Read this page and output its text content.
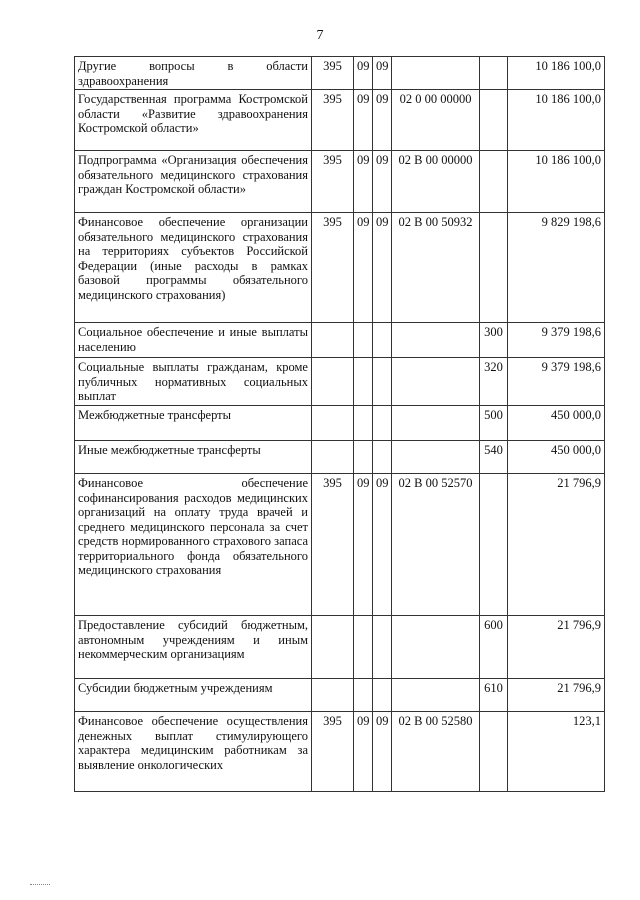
7
Другие вопросы в области здравоохранения	395	09	09			10 186 100,0
Государственная программа Костромской области «Развитие здравоохранения Костромской области»	395	09	09	02 0 00 00000		10 186 100,0
Подпрограмма «Организация обеспечения обязательного медицинского страхования граждан Костромской области»	395	09	09	02 В 00 00000		10 186 100,0
Финансовое обеспечение организации обязательного медицинского страхования на территориях субъектов Российской Федерации (иные расходы в рамках базовой программы обязательного медицинского страхования)	395	09	09	02 В 00 50932		9 829 198,6
Социальное обеспечение и иные выплаты населению					300	9 379 198,6
Социальные выплаты гражданам, кроме публичных нормативных социальных выплат					320	9 379 198,6
Межбюджетные трансферты					500	450 000,0
Иные межбюджетные трансферты					540	450 000,0
Финансовое обеспечение софинансирования расходов медицинских организаций на оплату труда врачей и среднего медицинского персонала за счет средств нормированного страхового запаса территориального фонда обязательного медицинского страхования	395	09	09	02 В 00 52570		21 796,9
Предоставление субсидий бюджетным, автономным учреждениям и иным некоммерческим организациям					600	21 796,9
Субсидии бюджетным учреждениям					610	21 796,9
Финансовое обеспечение осуществления денежных выплат стимулирующего характера медицинским работникам за выявление онкологических	395	09	09	02 В 00 52580		123,1
